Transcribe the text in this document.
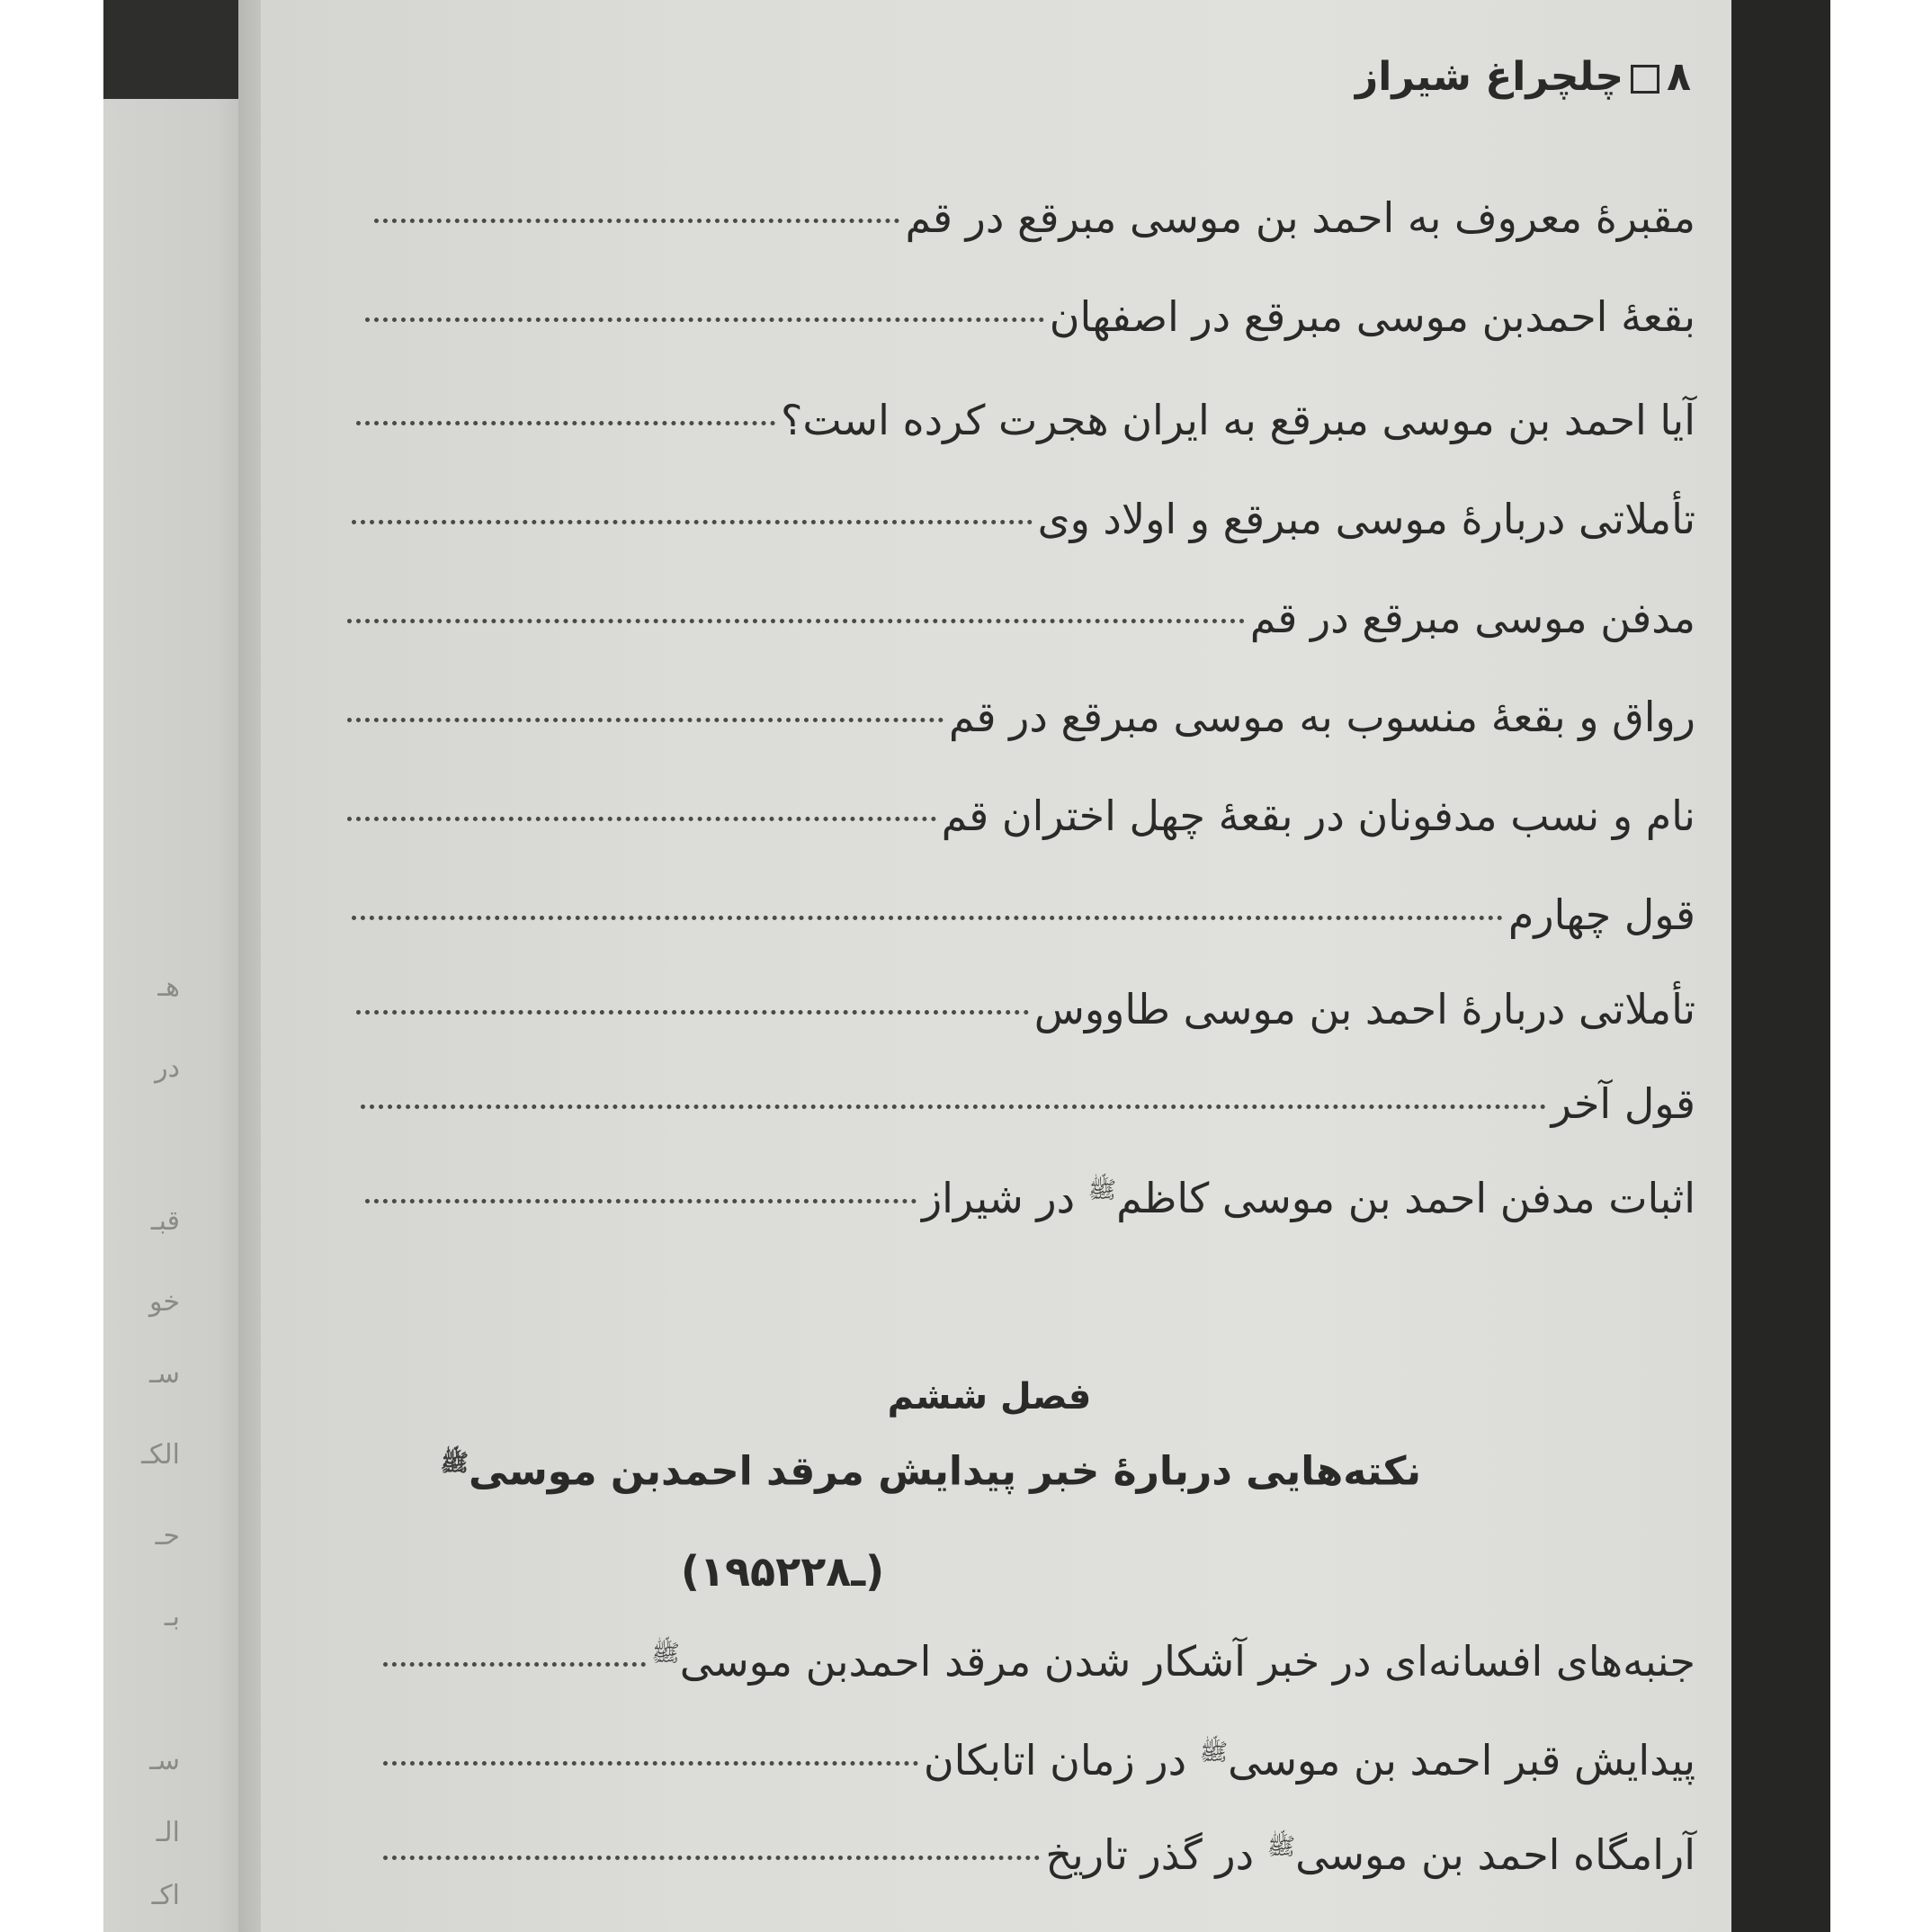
هـ
در
قبـ
خو
سـ
الكـ
حـ
بـ
سـ
الـ
اكـ
۸چلچراغ شیراز
مقبرهٔ معروف به احمد بن موسی مبرقع در قم
بقعهٔ احمدبن موسی مبرقع در اصفهان
آیا احمد بن موسی مبرقع به ایران هجرت کرده است؟
تأملاتی دربارهٔ موسی مبرقع و اولاد وی
مدفن موسی مبرقع در قم
رواق و بقعهٔ منسوب به موسی مبرقع در قم
نام و نسب مدفونان در بقعهٔ چهل اختران قم
قول چهارم
تأملاتی دربارهٔ احمد بن موسی طاووس
قول آخر
اثبات مدفن احمد بن موسی کاظم$^ﷺ$ در شیراز
فصل ششم
نکته‌هایی دربارهٔ خبر پیدایش مرقد احمدبن موسی$^ﷺ$
(۱۹۵ـ۲۲۸)
جنبه‌های افسانه‌ای در خبر آشکار شدن مرقد احمدبن موسی$^ﷺ$
پیدایش قبر احمد بن موسی$^ﷺ$ در زمان اتابکان
آرامگاه احمد بن موسی$^ﷺ$ در گذر تاریخ
